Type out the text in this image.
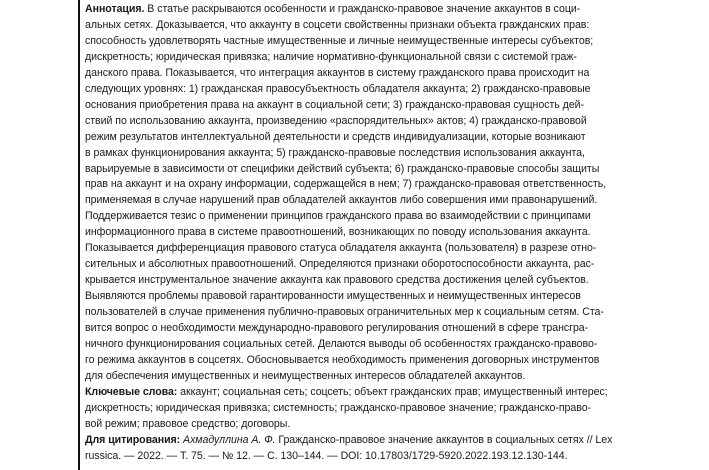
Аннотация. В статье раскрываются особенности и гражданско-правовое значение аккаунтов в соци-
альных сетях. Доказывается, что аккаунту в соцсети свойственны признаки объекта гражданских прав:
способность удовлетворять частные имущественные и личные неимущественные интересы субъектов;
дискретность; юридическая привязка; наличие нормативно-функциональной связи с системой граж-
данского права. Показывается, что интеграция аккаунтов в систему гражданского права происходит на
следующих уровнях: 1) гражданская правосубъектность обладателя аккаунта; 2) гражданско-правовые
основания приобретения права на аккаунт в социальной сети; 3) гражданско-правовая сущность дей-
ствий по использованию аккаунта, произведению «распорядительных» актов; 4) гражданско-правовой
режим результатов интеллектуальной деятельности и средств индивидуализации, которые возникают
в рамках функционирования аккаунта; 5) гражданско-правовые последствия использования аккаунта,
варьируемые в зависимости от специфики действий субъекта; 6) гражданско-правовые способы защиты
прав на аккаунт и на охрану информации, содержащейся в нем; 7) гражданско-правовая ответственность,
применяемая в случае нарушений прав обладателей аккаунтов либо совершения ими правонарушений.
Поддерживается тезис о применении принципов гражданского права во взаимодействии с принципами
информационного права в системе правоотношений, возникающих по поводу использования аккаунта.
Показывается дифференциация правового статуса обладателя аккаунта (пользователя) в разрезе отно-
сительных и абсолютных правоотношений. Определяются признаки оборотоспособности аккаунта, рас-
крывается инструментальное значение аккаунта как правового средства достижения целей субъектов.
Выявляются проблемы правовой гарантированности имущественных и неимущественных интересов
пользователей в случае применения публично-правовых ограничительных мер к социальным сетям. Ста-
вится вопрос о необходимости международно-правового регулирования отношений в сфере трансгра-
ничного функционирования социальных сетей. Делаются выводы об особенностях гражданско-правово-
го режима аккаунтов в соцсетях. Обосновывается необходимость применения договорных инструментов
для обеспечения имущественных и неимущественных интересов обладателей аккаунтов.
Ключевые слова: аккаунт; социальная сеть; соцсеть; объект гражданских прав; имущественный интерес;
дискретность; юридическая привязка; системность; гражданско-правовое значение; гражданско-право-
вой режим; правовое средство; договоры.
Для цитирования: Ахмадуллина А. Ф. Гражданско-правовое значение аккаунтов в социальных сетях // Lex
russica. — 2022. — Т. 75. — № 12. — С. 130–144. — DOI: 10.17803/1729-5920.2022.193.12.130-144.
